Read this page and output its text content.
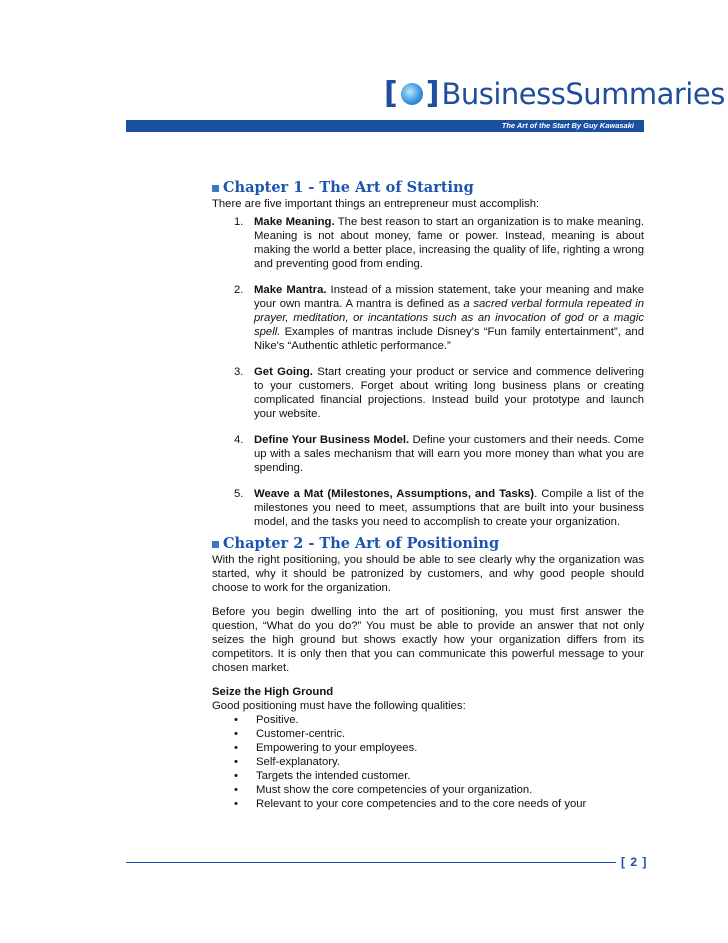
[ ] BusinessSummaries
The Art of the Start By Guy Kawasaki
Chapter 1 - The Art of Starting

There are five important things an entrepreneur must accomplish:

1. Make Meaning. The best reason to start an organization is to make meaning. Meaning is not about money, fame or power. Instead, meaning is about making the world a better place, increasing the quality of life, righting a wrong and preventing good from ending.
2. Make Mantra. Instead of a mission statement, take your meaning and make your own mantra. A mantra is defined as a sacred verbal formula repeated in prayer, meditation, or incantations such as an invocation of god or a magic spell. Examples of mantras include Disney's “Fun family entertainment”, and Nike's “Authentic athletic performance.”
3. Get Going. Start creating your product or service and commence delivering to your customers. Forget about writing long business plans or creating complicated financial projections. Instead build your prototype and launch your website.
4. Define Your Business Model. Define your customers and their needs. Come up with a sales mechanism that will earn you more money than what you are spending.
5. Weave a Mat (Milestones, Assumptions, and Tasks). Compile a list of the milestones you need to meet, assumptions that are built into your business model, and the tasks you need to accomplish to create your organization.
Chapter 2 - The Art of Positioning

With the right positioning, you should be able to see clearly why the organization was started, why it should be patronized by customers, and why good people should choose to work for the organization.

Before you begin dwelling into the art of positioning, you must first answer the question, “What do you do?” You must be able to provide an answer that not only seizes the high ground but shows exactly how your organization differs from its competitors. It is only then that you can communicate this powerful message to your chosen market.

Seize the High Ground

Good positioning must have the following qualities:

•	Positive.
•	Customer-centric.
•	Empowering to your employees.
•	Self-explanatory.
•	Targets the intended customer.
•	Must show the core competencies of your organization.
•	Relevant to your core competencies and to the core needs of your
[ 2 ]
